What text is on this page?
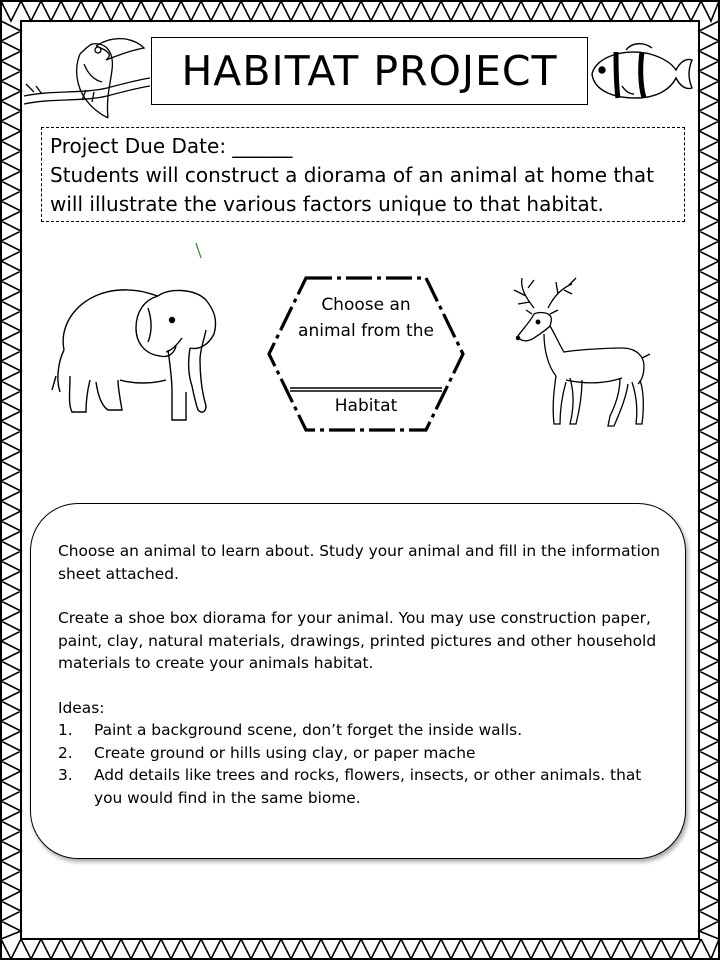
HABITAT PROJECT
Project Due Date: ______
Students will construct a diorama of an animal at home that
will illustrate the various factors unique to that habitat.
Choose an
animal from the
Habitat

Choose an animal to learn about. Study your animal and fill in the information sheet attached.

Create a shoe box diorama for your animal. You may use construction paper, paint, clay, natural materials, drawings, printed pictures and other household materials to create your animals habitat.

Ideas:

1. Paint a background scene, don’t forget the inside walls.

2. Create ground or hills using clay, or paper mache

3. Add details like trees and rocks, flowers, insects, or other animals. that you would find in the same biome.
